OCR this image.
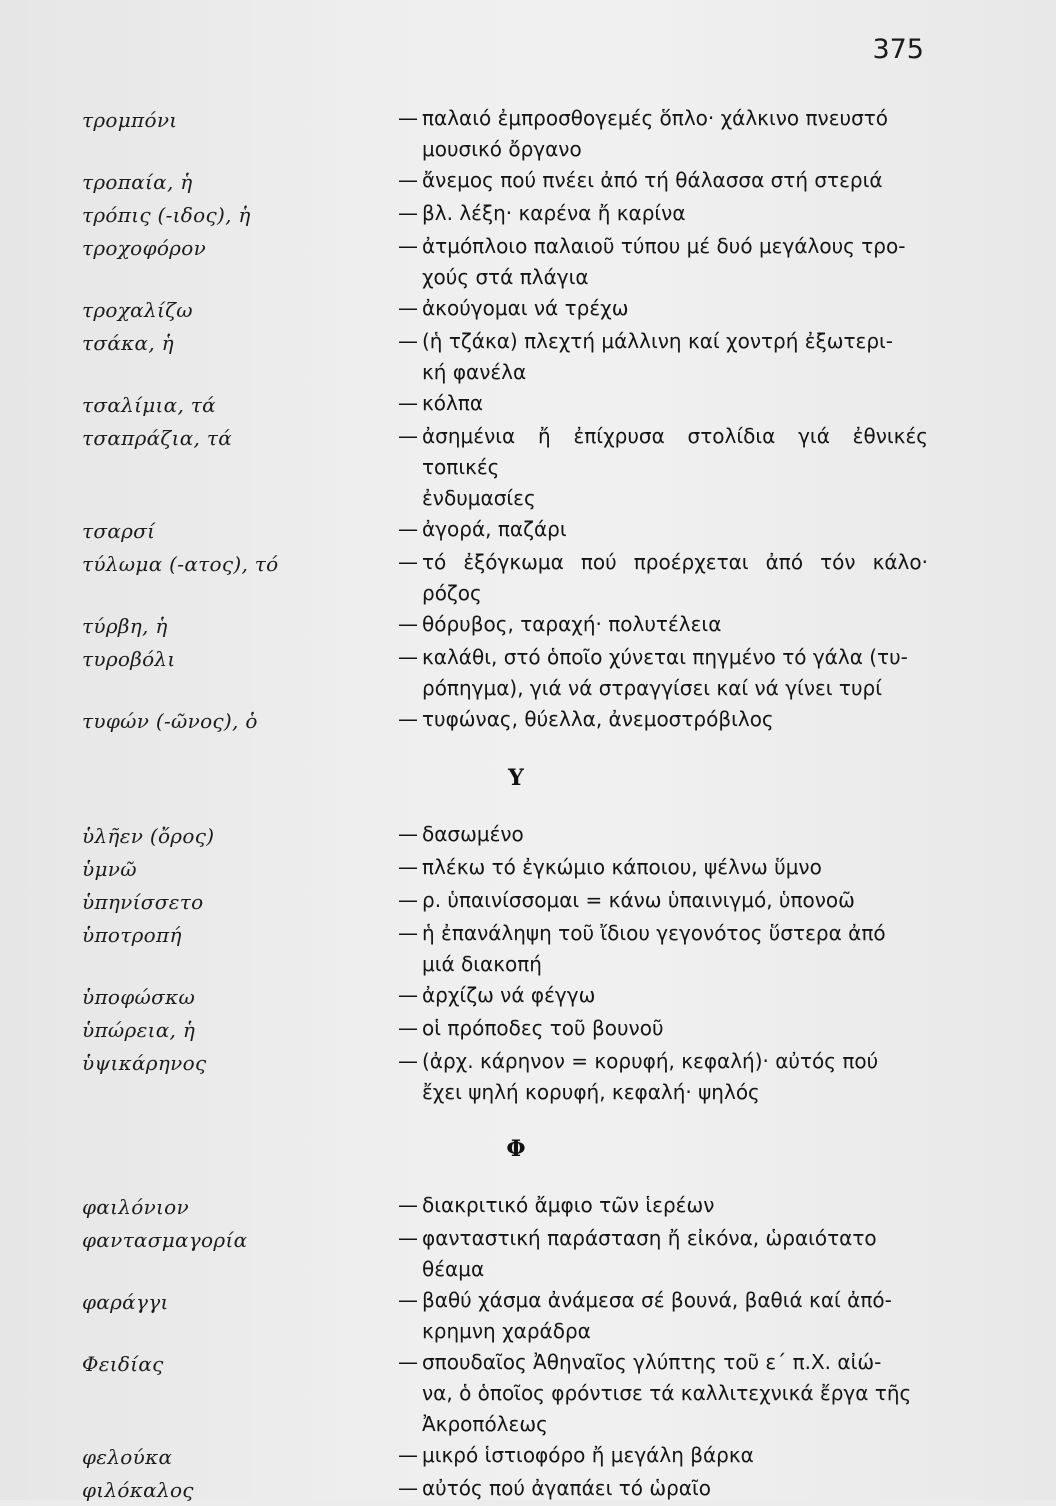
375
τρομπόνι	— παλαιό ἐμπροσθογεμές ὅπλο· χάλκινο πνευστό
μουσικό ὄργανο
τροπαία, ἡ	— ἄνεμος πού πνέει ἀπό τή θάλασσα στή στεριά
τρόπις (-ιδος), ἡ	— βλ. λέξη· καρένα ἤ καρίνα
τροχοφόρον	— ἀτμόπλοιο παλαιοῦ τύπου μέ δυό μεγάλους τρο-
χούς στά πλάγια
τροχαλίζω	— ἀκούγομαι νά τρέχω
τσάκα, ἡ	— (ἡ τζάκα) πλεχτή μάλλινη καί χοντρή ἐξωτερι-
κή φανέλα
τσαλίμια, τά	— κόλπα
τσαπράζια, τά	— ἀσημένια ἤ ἐπίχρυσα στολίδια γιά ἐθνικές τοπικές
ἐνδυμασίες
τσαρσί	— ἀγορά, παζάρι
τύλωμα (-ατος), τό	— τό ἐξόγκωμα πού προέρχεται ἀπό τόν κάλο· ρόζος
τύρβη, ἡ	— θόρυβος, ταραχή· πολυτέλεια
τυροβόλι	— καλάθι, στό ὁποῖο χύνεται πηγμένο τό γάλα (τυ-
ρόπηγμα), γιά νά στραγγίσει καί νά γίνει τυρί
τυφών (-ῶνος), ὁ	— τυφώνας, θύελλα, ἀνεμοστρόβιλος
Υ
ὑλῆεν (ὄρος)	— δασωμένο
ὑμνῶ	— πλέκω τό ἐγκώμιο κάποιου, ψέλνω ὕμνο
ὑπηνίσσετο	— ρ. ὑπαινίσσομαι = κάνω ὑπαινιγμό, ὑπονοῶ
ὑποτροπή	— ἡ ἐπανάληψη τοῦ ἴδιου γεγονότος ὕστερα ἀπό
μιά διακοπή
ὑποφώσκω	— ἀρχίζω νά φέγγω
ὑπώρεια, ἡ	— οἱ πρόποδες τοῦ βουνοῦ
ὑψικάρηνος	— (ἀρχ. κάρηνον = κορυφή, κεφαλή)· αὐτός πού
ἔχει ψηλή κορυφή, κεφαλή· ψηλός
Φ
φαιλόνιον	— διακριτικό ἄμφιο τῶν ἱερέων
φαντασμαγορία	— φανταστική παράσταση ἤ εἰκόνα, ὡραιότατο
θέαμα
φαράγγι	— βαθύ χάσμα ἀνάμεσα σέ βουνά, βαθιά καί ἀπό-
κρημνη χαράδρα
Φειδίας	— σπουδαῖος Ἀθηναῖος γλύπτης τοῦ ε΄ π.Χ. αἰώ-
να, ὁ ὁποῖος φρόντισε τά καλλιτεχνικά ἔργα τῆς
Ἀκροπόλεως
φελούκα	— μικρό ἱστιοφόρο ἤ μεγάλη βάρκα
φιλόκαλος	— αὐτός πού ἀγαπάει τό ὡραῖο
